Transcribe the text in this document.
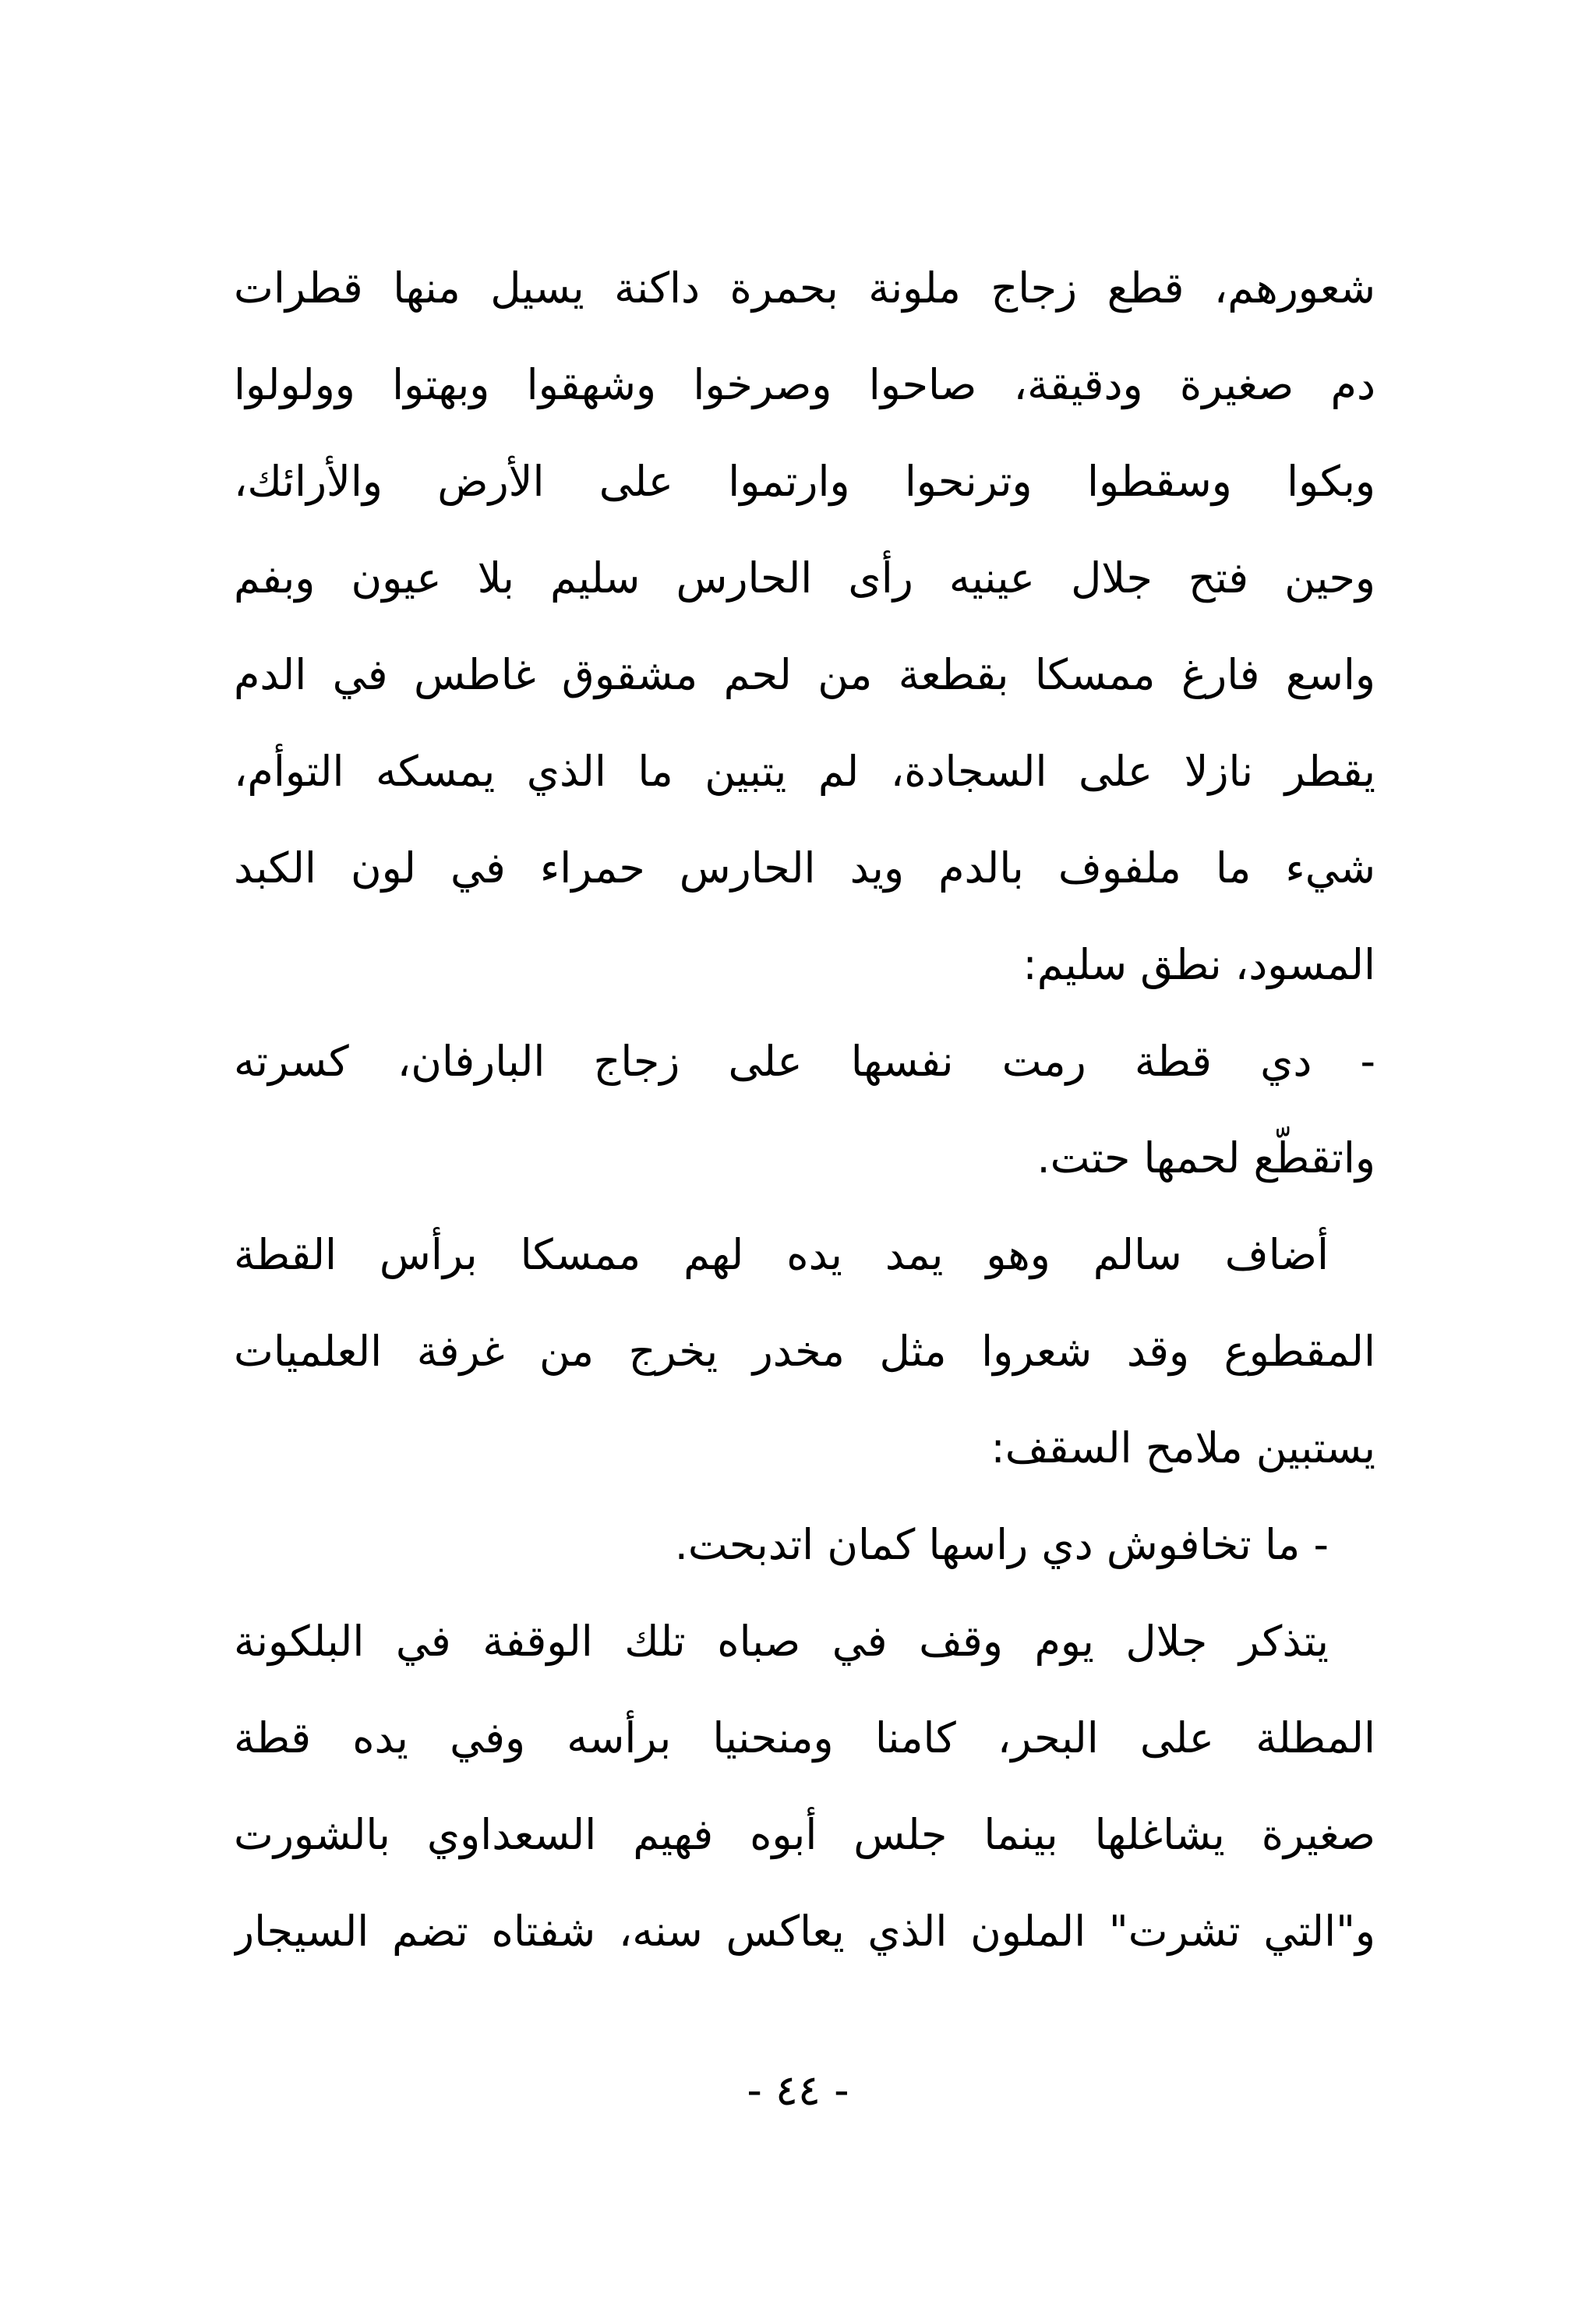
شعورهم، قطع زجاج ملونة بحمرة داكنة يسيل منها قطرات
دم صغيرة ودقيقة، صاحوا وصرخوا وشهقوا وبهتوا وولولوا
وبكوا وسقطوا وترنحوا وارتموا على الأرض والأرائك،
وحين فتح جلال عينيه رأى الحارس سليم بلا عيون وبفم
واسع فارغ ممسكا بقطعة من لحم مشقوق غاطس في الدم
يقطر نازلا على السجادة، لم يتبين ما الذي يمسكه التوأم،
شيء ما ملفوف بالدم ويد الحارس حمراء في لون الكبد
المسود، نطق سليم:
- دي قطة رمت نفسها على زجاج البارفان، كسرته
واتقطّع لحمها حتت.
أضاف سالم وهو يمد يده لهم ممسكا برأس القطة
المقطوع وقد شعروا مثل مخدر يخرج من غرفة العلميات
يستبين ملامح السقف:
- ما تخافوش دي راسها كمان اتدبحت.
يتذكر جلال يوم وقف في صباه تلك الوقفة في البلكونة
المطلة على البحر، كامنا ومنحنيا برأسه وفي يده قطة
صغيرة يشاغلها بينما جلس أبوه فهيم السعداوي بالشورت
و"التي تشرت" الملون الذي يعاكس سنه، شفتاه تضم السيجار
- ٤٤ -
